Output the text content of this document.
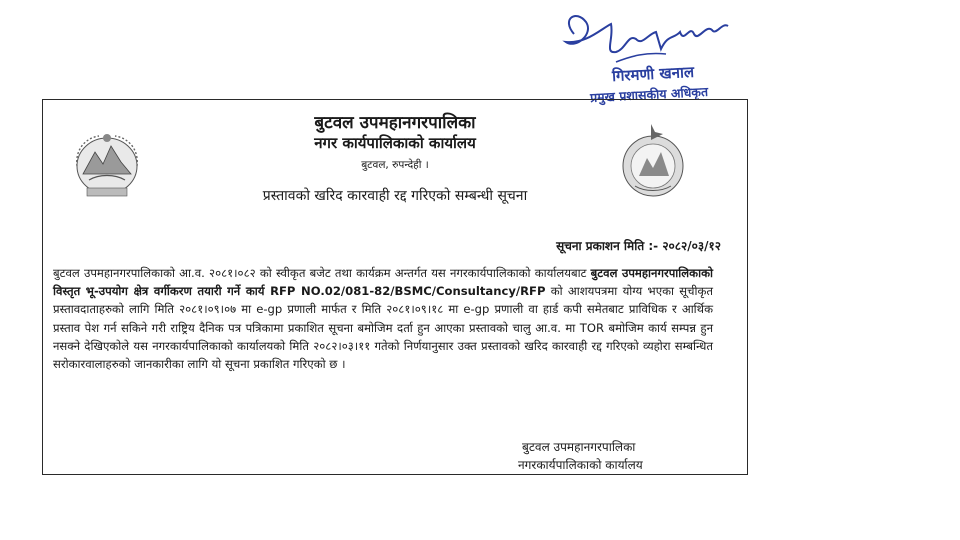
गिरमणी खनाल
प्रमुख प्रशासकीय अधिकृत
बुटवल उपमहानगरपालिका
नगर कार्यपालिकाको कार्यालय
बुटवल, रुपन्देही ।
प्रस्तावको खरिद कारवाही रद्द गरिएको सम्बन्धी सूचना
सूचना प्रकाशन मिति :- २०८२/०३/१२
बुटवल उपमहानगरपालिकाको आ.व. २०८१।०८२ को स्वीकृत बजेट तथा कार्यक्रम अन्तर्गत यस नगरकार्यपालिकाको कार्यालयबाट बुटवल उपमहानगरपालिकाको विस्तृत भू-उपयोग क्षेत्र वर्गीकरण तयारी गर्ने कार्य RFP NO.02/081-82/BSMC/Consultancy/RFP को आशयपत्रमा योग्य भएका सूचीकृत प्रस्तावदाताहरुको लागि मिति २०८१।०९।०७ मा e-gp प्रणाली मार्फत र मिति २०८१।०९।१८ मा e-gp प्रणाली वा हार्ड कपी समेतबाट प्राविधिक र आर्थिक प्रस्ताव पेश गर्न सकिने गरी राष्ट्रिय दैनिक पत्र पत्रिकामा प्रकाशित सूचना बमोजिम दर्ता हुन आएका प्रस्तावको चालु आ.व. मा TOR बमोजिम कार्य सम्पन्न हुन नसक्ने देखिएकोले यस नगरकार्यपालिकाको कार्यालयको मिति २०८२।०३।११ गतेको निर्णयानुसार उक्त प्रस्तावको खरिद कारवाही रद्द गरिएको व्यहोरा सम्बन्धित सरोकारवालाहरुको जानकारीका लागि यो सूचना प्रकाशित गरिएको छ ।
बुटवल उपमहानगरपालिका
नगरकार्यपालिकाको कार्यालय
